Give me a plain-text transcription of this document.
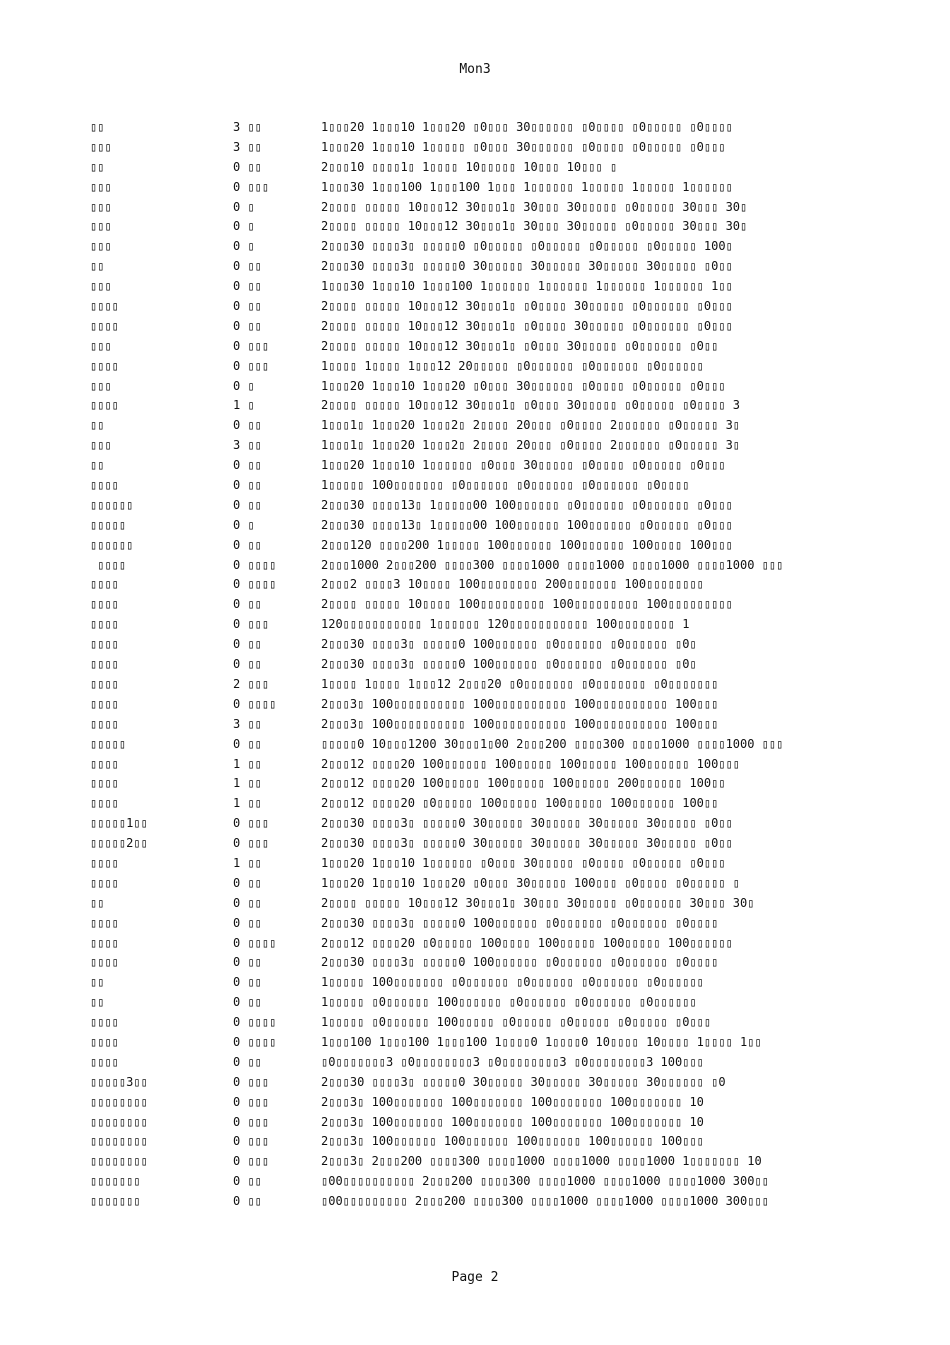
Mon3
▯▯	3 ▯▯	1▯▯▯20 1▯▯▯10 1▯▯▯20 ▯0▯▯▯ 30▯▯▯▯▯▯ ▯0▯▯▯▯ ▯0▯▯▯▯▯ ▯0▯▯▯▯
▯▯▯	3 ▯▯	1▯▯▯20 1▯▯▯10 1▯▯▯▯▯ ▯0▯▯▯ 30▯▯▯▯▯▯ ▯0▯▯▯▯ ▯0▯▯▯▯▯ ▯0▯▯▯
▯▯	0 ▯▯	2▯▯▯10 ▯▯▯▯1▯ 1▯▯▯▯ 10▯▯▯▯▯ 10▯▯▯ 10▯▯▯ ▯
▯▯▯	0 ▯▯▯	1▯▯▯30 1▯▯▯100 1▯▯▯100 1▯▯▯ 1▯▯▯▯▯▯ 1▯▯▯▯▯ 1▯▯▯▯▯ 1▯▯▯▯▯▯
▯▯▯	0 ▯	2▯▯▯▯ ▯▯▯▯▯ 10▯▯▯12 30▯▯▯1▯ 30▯▯▯ 30▯▯▯▯▯ ▯0▯▯▯▯▯ 30▯▯▯ 30▯
▯▯▯	0 ▯	2▯▯▯▯ ▯▯▯▯▯ 10▯▯▯12 30▯▯▯1▯ 30▯▯▯ 30▯▯▯▯▯ ▯0▯▯▯▯▯ 30▯▯▯ 30▯
▯▯▯	0 ▯	2▯▯▯30 ▯▯▯▯3▯ ▯▯▯▯▯0 ▯0▯▯▯▯▯ ▯0▯▯▯▯▯ ▯0▯▯▯▯▯ ▯0▯▯▯▯▯ 100▯
▯▯	0 ▯▯	2▯▯▯30 ▯▯▯▯3▯ ▯▯▯▯▯0 30▯▯▯▯▯ 30▯▯▯▯▯ 30▯▯▯▯▯ 30▯▯▯▯▯ ▯0▯▯
▯▯▯	0 ▯▯	1▯▯▯30 1▯▯▯10 1▯▯▯100 1▯▯▯▯▯▯ 1▯▯▯▯▯▯ 1▯▯▯▯▯▯ 1▯▯▯▯▯▯ 1▯▯
▯▯▯▯	0 ▯▯	2▯▯▯▯ ▯▯▯▯▯ 10▯▯▯12 30▯▯▯1▯ ▯0▯▯▯▯ 30▯▯▯▯▯ ▯0▯▯▯▯▯▯ ▯0▯▯▯
▯▯▯▯	0 ▯▯	2▯▯▯▯ ▯▯▯▯▯ 10▯▯▯12 30▯▯▯1▯ ▯0▯▯▯▯ 30▯▯▯▯▯ ▯0▯▯▯▯▯▯ ▯0▯▯▯
▯▯▯	0 ▯▯▯	2▯▯▯▯ ▯▯▯▯▯ 10▯▯▯12 30▯▯▯1▯ ▯0▯▯▯ 30▯▯▯▯▯ ▯0▯▯▯▯▯▯ ▯0▯▯
▯▯▯▯	0 ▯▯▯	1▯▯▯▯ 1▯▯▯▯ 1▯▯▯12 20▯▯▯▯▯ ▯0▯▯▯▯▯▯ ▯0▯▯▯▯▯▯ ▯0▯▯▯▯▯▯
▯▯▯	0 ▯	1▯▯▯20 1▯▯▯10 1▯▯▯20 ▯0▯▯▯ 30▯▯▯▯▯▯ ▯0▯▯▯▯ ▯0▯▯▯▯▯ ▯0▯▯▯
▯▯▯▯	1 ▯	2▯▯▯▯ ▯▯▯▯▯ 10▯▯▯12 30▯▯▯1▯ ▯0▯▯▯ 30▯▯▯▯▯ ▯0▯▯▯▯▯ ▯0▯▯▯▯ 3
▯▯	0 ▯▯	1▯▯▯1▯ 1▯▯▯20 1▯▯▯2▯ 2▯▯▯▯ 20▯▯▯ ▯0▯▯▯▯ 2▯▯▯▯▯▯ ▯0▯▯▯▯▯ 3▯
▯▯▯	3 ▯▯	1▯▯▯1▯ 1▯▯▯20 1▯▯▯2▯ 2▯▯▯▯ 20▯▯▯ ▯0▯▯▯▯ 2▯▯▯▯▯▯ ▯0▯▯▯▯▯ 3▯
▯▯	0 ▯▯	1▯▯▯20 1▯▯▯10 1▯▯▯▯▯▯ ▯0▯▯▯ 30▯▯▯▯▯ ▯0▯▯▯▯ ▯0▯▯▯▯▯ ▯0▯▯▯
▯▯▯▯	0 ▯▯	1▯▯▯▯▯ 100▯▯▯▯▯▯▯ ▯0▯▯▯▯▯▯ ▯0▯▯▯▯▯▯ ▯0▯▯▯▯▯▯ ▯0▯▯▯▯
▯▯▯▯▯▯	0 ▯▯	2▯▯▯30 ▯▯▯▯13▯ 1▯▯▯▯▯00 100▯▯▯▯▯▯ ▯0▯▯▯▯▯▯ ▯0▯▯▯▯▯▯ ▯0▯▯▯
▯▯▯▯▯	0 ▯	2▯▯▯30 ▯▯▯▯13▯ 1▯▯▯▯▯00 100▯▯▯▯▯▯ 100▯▯▯▯▯▯ ▯0▯▯▯▯▯ ▯0▯▯▯
▯▯▯▯▯▯	0 ▯▯	2▯▯▯120 ▯▯▯▯200 1▯▯▯▯▯ 100▯▯▯▯▯▯ 100▯▯▯▯▯▯ 100▯▯▯▯ 100▯▯▯
▯▯▯▯	0 ▯▯▯▯	2▯▯▯1000 2▯▯▯200 ▯▯▯▯300 ▯▯▯▯1000 ▯▯▯▯1000 ▯▯▯▯1000 ▯▯▯▯1000 ▯▯▯
▯▯▯▯	0 ▯▯▯▯	2▯▯▯2 ▯▯▯▯3 10▯▯▯▯ 100▯▯▯▯▯▯▯▯ 200▯▯▯▯▯▯▯ 100▯▯▯▯▯▯▯▯
▯▯▯▯	0 ▯▯	2▯▯▯▯ ▯▯▯▯▯ 10▯▯▯▯ 100▯▯▯▯▯▯▯▯▯ 100▯▯▯▯▯▯▯▯▯ 100▯▯▯▯▯▯▯▯▯
▯▯▯▯	0 ▯▯▯	120▯▯▯▯▯▯▯▯▯▯▯ 1▯▯▯▯▯▯ 120▯▯▯▯▯▯▯▯▯▯▯ 100▯▯▯▯▯▯▯▯ 1
▯▯▯▯	0 ▯▯	2▯▯▯30 ▯▯▯▯3▯ ▯▯▯▯▯0 100▯▯▯▯▯▯ ▯0▯▯▯▯▯▯ ▯0▯▯▯▯▯▯ ▯0▯
▯▯▯▯	0 ▯▯	2▯▯▯30 ▯▯▯▯3▯ ▯▯▯▯▯0 100▯▯▯▯▯▯ ▯0▯▯▯▯▯▯ ▯0▯▯▯▯▯▯ ▯0▯
▯▯▯▯	2 ▯▯▯	1▯▯▯▯ 1▯▯▯▯ 1▯▯▯12 2▯▯▯20 ▯0▯▯▯▯▯▯▯ ▯0▯▯▯▯▯▯▯ ▯0▯▯▯▯▯▯▯
▯▯▯▯	0 ▯▯▯▯	2▯▯▯3▯ 100▯▯▯▯▯▯▯▯▯▯ 100▯▯▯▯▯▯▯▯▯▯ 100▯▯▯▯▯▯▯▯▯▯ 100▯▯▯
▯▯▯▯	3 ▯▯	2▯▯▯3▯ 100▯▯▯▯▯▯▯▯▯▯ 100▯▯▯▯▯▯▯▯▯▯ 100▯▯▯▯▯▯▯▯▯▯ 100▯▯▯
▯▯▯▯▯	0 ▯▯	▯▯▯▯▯0 10▯▯▯1200 30▯▯▯1▯00 2▯▯▯200 ▯▯▯▯300 ▯▯▯▯1000 ▯▯▯▯1000 ▯▯▯
▯▯▯▯	1 ▯▯	2▯▯▯12 ▯▯▯▯20 100▯▯▯▯▯▯ 100▯▯▯▯▯ 100▯▯▯▯▯ 100▯▯▯▯▯▯ 100▯▯▯
▯▯▯▯	1 ▯▯	2▯▯▯12 ▯▯▯▯20 100▯▯▯▯▯ 100▯▯▯▯▯ 100▯▯▯▯▯ 200▯▯▯▯▯▯ 100▯▯
▯▯▯▯	1 ▯▯	2▯▯▯12 ▯▯▯▯20 ▯0▯▯▯▯▯ 100▯▯▯▯▯ 100▯▯▯▯▯ 100▯▯▯▯▯▯ 100▯▯
▯▯▯▯▯1▯▯	0 ▯▯▯	2▯▯▯30 ▯▯▯▯3▯ ▯▯▯▯▯0 30▯▯▯▯▯ 30▯▯▯▯▯ 30▯▯▯▯▯ 30▯▯▯▯▯ ▯0▯▯
▯▯▯▯▯2▯▯	0 ▯▯▯	2▯▯▯30 ▯▯▯▯3▯ ▯▯▯▯▯0 30▯▯▯▯▯ 30▯▯▯▯▯ 30▯▯▯▯▯ 30▯▯▯▯▯ ▯0▯▯
▯▯▯▯	1 ▯▯	1▯▯▯20 1▯▯▯10 1▯▯▯▯▯▯ ▯0▯▯▯ 30▯▯▯▯▯ ▯0▯▯▯▯ ▯0▯▯▯▯▯ ▯0▯▯▯
▯▯▯▯	0 ▯▯	1▯▯▯20 1▯▯▯10 1▯▯▯20 ▯0▯▯▯ 30▯▯▯▯▯ 100▯▯▯ ▯0▯▯▯▯ ▯0▯▯▯▯▯ ▯
▯▯	0 ▯▯	2▯▯▯▯ ▯▯▯▯▯ 10▯▯▯12 30▯▯▯1▯ 30▯▯▯ 30▯▯▯▯▯ ▯0▯▯▯▯▯▯ 30▯▯▯ 30▯
▯▯▯▯	0 ▯▯	2▯▯▯30 ▯▯▯▯3▯ ▯▯▯▯▯0 100▯▯▯▯▯▯ ▯0▯▯▯▯▯▯ ▯0▯▯▯▯▯▯ ▯0▯▯▯▯
▯▯▯▯	0 ▯▯▯▯	2▯▯▯12 ▯▯▯▯20 ▯0▯▯▯▯▯ 100▯▯▯▯ 100▯▯▯▯▯ 100▯▯▯▯▯ 100▯▯▯▯▯▯
▯▯▯▯	0 ▯▯	2▯▯▯30 ▯▯▯▯3▯ ▯▯▯▯▯0 100▯▯▯▯▯▯ ▯0▯▯▯▯▯▯ ▯0▯▯▯▯▯▯ ▯0▯▯▯▯
▯▯	0 ▯▯	1▯▯▯▯▯ 100▯▯▯▯▯▯▯ ▯0▯▯▯▯▯▯ ▯0▯▯▯▯▯▯ ▯0▯▯▯▯▯▯ ▯0▯▯▯▯▯▯
▯▯	0 ▯▯	1▯▯▯▯▯ ▯0▯▯▯▯▯▯ 100▯▯▯▯▯▯ ▯0▯▯▯▯▯▯ ▯0▯▯▯▯▯▯ ▯0▯▯▯▯▯▯
▯▯▯▯	0 ▯▯▯▯	1▯▯▯▯▯ ▯0▯▯▯▯▯▯ 100▯▯▯▯▯ ▯0▯▯▯▯▯ ▯0▯▯▯▯▯ ▯0▯▯▯▯▯ ▯0▯▯▯
▯▯▯▯	0 ▯▯▯▯	1▯▯▯100 1▯▯▯100 1▯▯▯100 1▯▯▯▯0 1▯▯▯▯0 10▯▯▯▯ 10▯▯▯▯ 1▯▯▯▯ 1▯▯
▯▯▯▯	0 ▯▯	▯0▯▯▯▯▯▯▯3 ▯0▯▯▯▯▯▯▯▯3 ▯0▯▯▯▯▯▯▯▯3 ▯0▯▯▯▯▯▯▯▯3 100▯▯▯
▯▯▯▯▯3▯▯	0 ▯▯▯	2▯▯▯30 ▯▯▯▯3▯ ▯▯▯▯▯0 30▯▯▯▯▯ 30▯▯▯▯▯ 30▯▯▯▯▯ 30▯▯▯▯▯▯ ▯0
▯▯▯▯▯▯▯▯	0 ▯▯▯	2▯▯▯3▯ 100▯▯▯▯▯▯▯ 100▯▯▯▯▯▯▯ 100▯▯▯▯▯▯▯ 100▯▯▯▯▯▯▯ 10
▯▯▯▯▯▯▯▯	0 ▯▯▯	2▯▯▯3▯ 100▯▯▯▯▯▯▯ 100▯▯▯▯▯▯▯ 100▯▯▯▯▯▯▯ 100▯▯▯▯▯▯▯ 10
▯▯▯▯▯▯▯▯	0 ▯▯▯	2▯▯▯3▯ 100▯▯▯▯▯▯ 100▯▯▯▯▯▯ 100▯▯▯▯▯▯ 100▯▯▯▯▯▯ 100▯▯▯
▯▯▯▯▯▯▯▯	0 ▯▯▯	2▯▯▯3▯ 2▯▯▯200 ▯▯▯▯300 ▯▯▯▯1000 ▯▯▯▯1000 ▯▯▯▯1000 1▯▯▯▯▯▯▯ 10
▯▯▯▯▯▯▯	0 ▯▯	▯00▯▯▯▯▯▯▯▯▯▯ 2▯▯▯200 ▯▯▯▯300 ▯▯▯▯1000 ▯▯▯▯1000 ▯▯▯▯1000 300▯▯
▯▯▯▯▯▯▯	0 ▯▯	▯00▯▯▯▯▯▯▯▯▯ 2▯▯▯200 ▯▯▯▯300 ▯▯▯▯1000 ▯▯▯▯1000 ▯▯▯▯1000 300▯▯▯
Page 2
